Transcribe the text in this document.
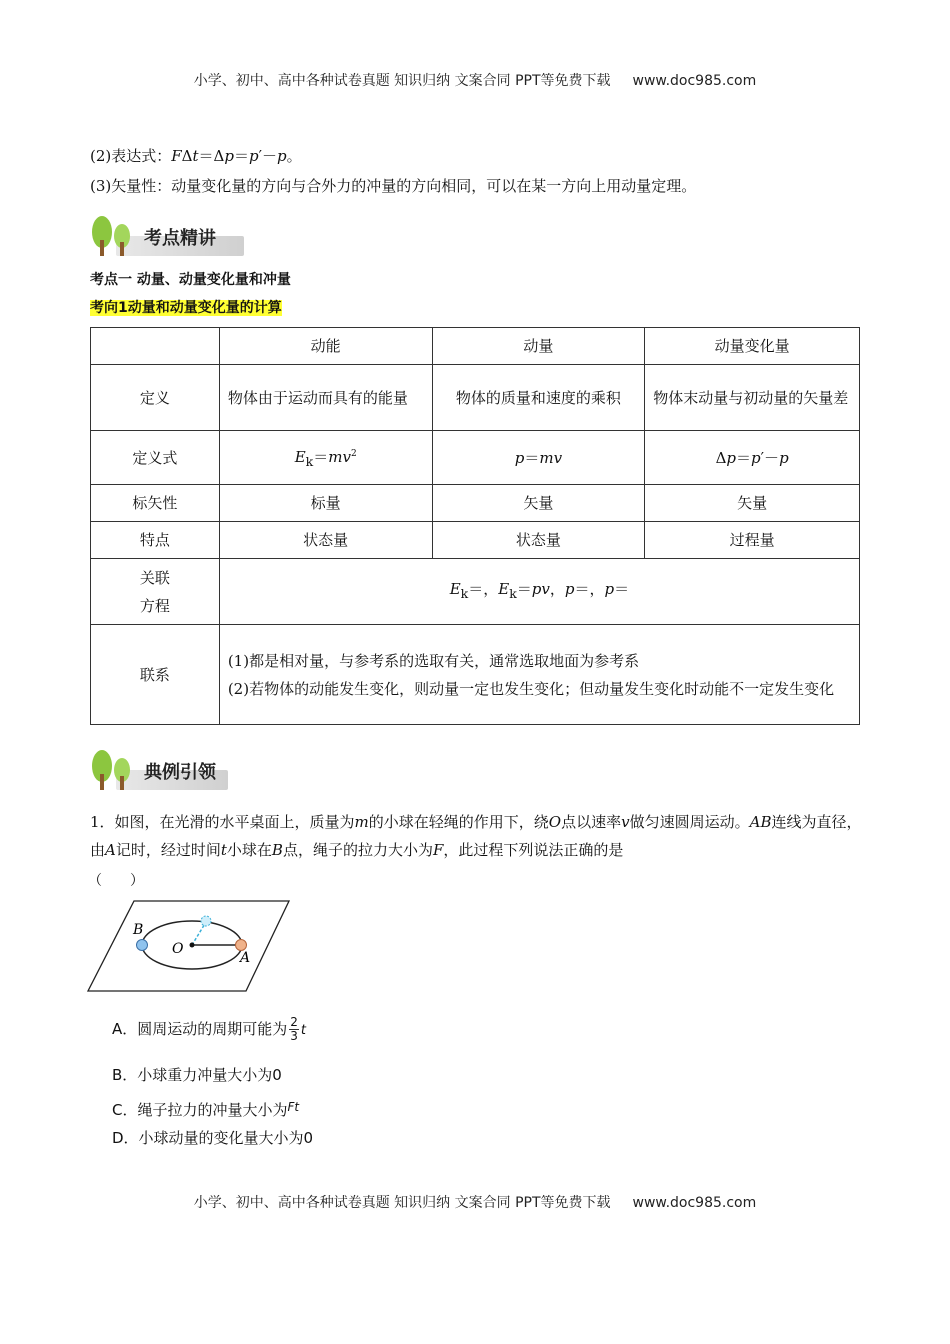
小学、初中、高中各种试卷真题 知识归纳 文案合同 PPT等免费下载 www.doc985.com
(2)表达式：FΔt＝Δp＝p′－p。
(3)矢量性：动量变化量的方向与合外力的冲量的方向相同，可以在某一方向上用动量定理。
考点精讲
考点一 动量、动量变化量和冲量
考向1动量和动量变化量的计算
	动能	动量	动量变化量
定义	物体由于运动而具有的能量	物体的质量和速度的乘积	物体末动量与初动量的矢量差
定义式	$E_k=mv^2$	p＝mv	Δp＝p′－p
标矢性	标量	矢量	矢量
特点	状态量	状态量	过程量
关联
方程	$E_k=$，$E_k=pv$，p＝，p＝		
联系	(1)都是相对量，与参考系的选取有关，通常选取地面为参考系
(2)若物体的动能发生变化，则动量一定也发生变化；但动量发生变化时动能不一定发生变化		
典例引领
1．如图，在光滑的水平桌面上，质量为m的小球在轻绳的作用下，绕O点以速率v做匀速圆周运动。AB连线为直径，由A记时，经过时间t小球在B点，绳子的拉力大小为F，此过程下列说法正确的是
（　　）
B
O
A
A．圆周运动的周期可能为 $\frac{2}{3}$ t
B．小球重力冲量大小为0
C．绳子拉力的冲量大小为$^{Ft}$
D．小球动量的变化量大小为0
小学、初中、高中各种试卷真题 知识归纳 文案合同 PPT等免费下载 www.doc985.com
